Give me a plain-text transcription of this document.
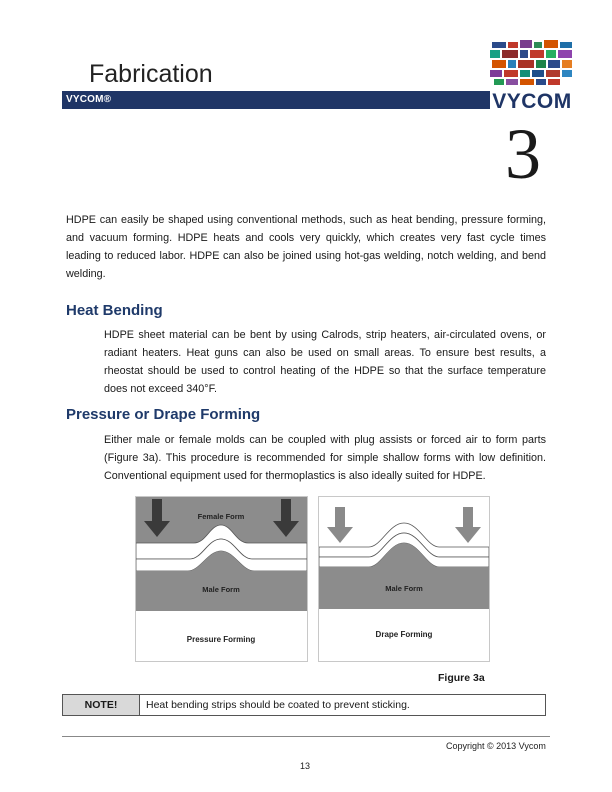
Fabrication
VYCOM®	VYCOM
3
HDPE can easily be shaped using conventional methods, such as heat bending, pressure forming, and vacuum forming. HDPE heats and cools very quickly, which creates very fast cycle times leading to reduced labor. HDPE can also be joined using hot-gas welding, notch welding, and bend welding.
Heat Bending
HDPE sheet material can be bent by using Calrods, strip heaters, air-circulated ovens, or radiant heaters. Heat guns can also be used on small areas. To ensure best results, a rheostat should be used to control heating of the HDPE so that the surface temperature does not exceed 340°F.
Pressure or Drape Forming
Either male or female molds can be coupled with plug assists or forced air to form parts (Figure 3a). This procedure is recommended for simple shallow forms with low definition. Conventional equipment used for thermoplastics is also ideally suited for HDPE.
Female Form
Male Form
Pressure Forming
Male Form
Drape Forming
Figure 3a
NOTE!	Heat bending strips should be coated to prevent sticking.
Copyright © 2013 Vycom
13
